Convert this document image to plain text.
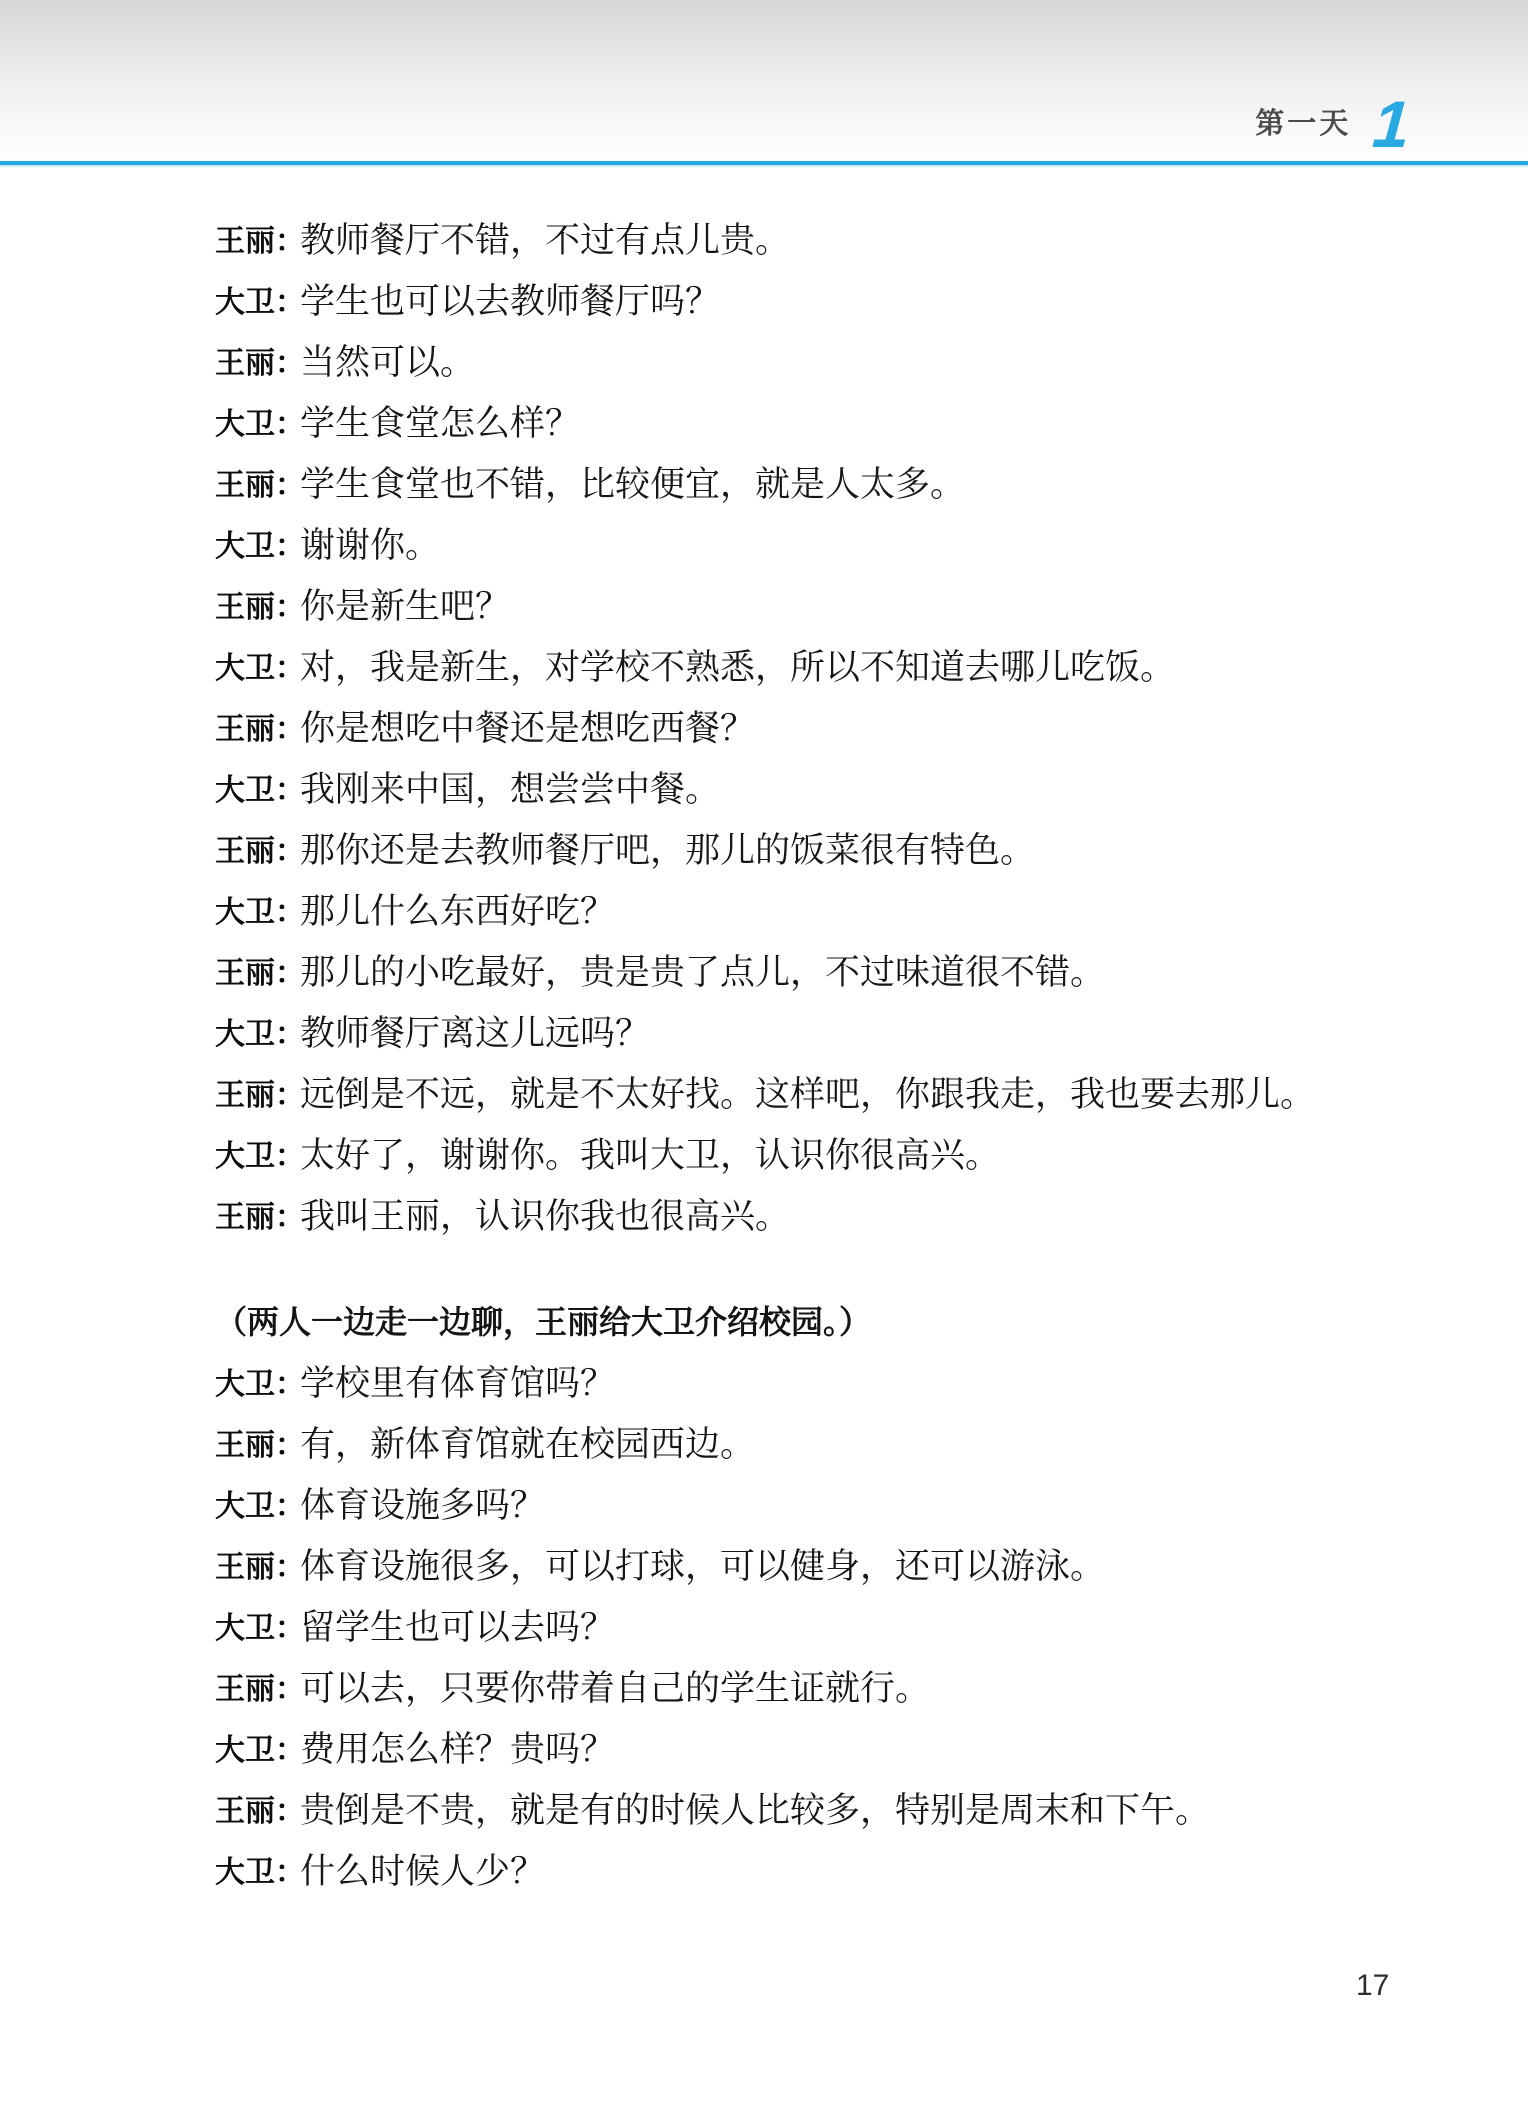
第一天 1
王丽：
教师餐厅不错，不过有点儿贵。
大卫：
学生也可以去教师餐厅吗？
王丽：
当然可以。
大卫：
学生食堂怎么样？
王丽：
学生食堂也不错，比较便宜，就是人太多。
大卫：
谢谢你。
王丽：
你是新生吧？
大卫：
对，我是新生，对学校不熟悉，所以不知道去哪儿吃饭。
王丽：
你是想吃中餐还是想吃西餐？
大卫：
我刚来中国，想尝尝中餐。
王丽：
那你还是去教师餐厅吧，那儿的饭菜很有特色。
大卫：
那儿什么东西好吃？
王丽：
那儿的小吃最好，贵是贵了点儿，不过味道很不错。
大卫：
教师餐厅离这儿远吗？
王丽：
远倒是不远，就是不太好找。这样吧，你跟我走，我也要去那儿。
大卫：
太好了，谢谢你。我叫大卫，认识你很高兴。
王丽：
我叫王丽，认识你我也很高兴。
（两人一边走一边聊，王丽给大卫介绍校园。）
大卫：
学校里有体育馆吗？
王丽：
有，新体育馆就在校园西边。
大卫：
体育设施多吗？
王丽：
体育设施很多，可以打球，可以健身，还可以游泳。
大卫：
留学生也可以去吗？
王丽：
可以去，只要你带着自己的学生证就行。
大卫：
费用怎么样？贵吗？
王丽：
贵倒是不贵，就是有的时候人比较多，特别是周末和下午。
大卫：
什么时候人少？
17
